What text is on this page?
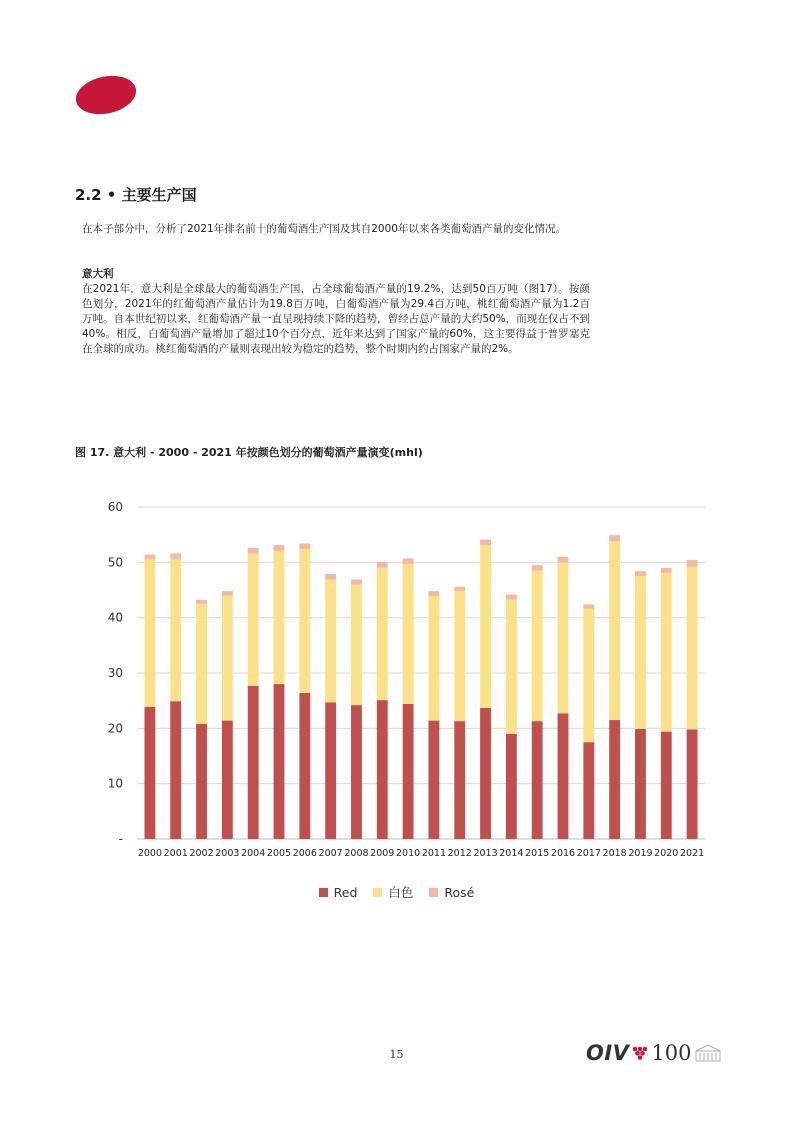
2.2 • 主要生产国
在本子部分中，分析了2021年排名前十的葡萄酒生产国及其自2000年以来各类葡萄酒产量的变化情况。
意大利
在2021年，意大利是全球最大的葡萄酒生产国，占全球葡萄酒产量的19.2%，达到50百万吨（图17）。按颜色划分，2021年的红葡萄酒产量估计为19.8百万吨，白葡萄酒产量为29.4百万吨，桃红葡萄酒产量为1.2百万吨。自本世纪初以来，红葡萄酒产量一直呈现持续下降的趋势，曾经占总产量的大约50%，而现在仅占不到40%。相反，白葡萄酒产量增加了超过10个百分点，近年来达到了国家产量的60%，这主要得益于普罗塞克在全球的成功。桃红葡萄酒的产量则表现出较为稳定的趋势，整个时期内约占国家产量的2%。
图 17. 意大利 - 2000 - 2021 年按颜色划分的葡萄酒产量演变(mhl)
-
10
20
30
40
50
60
2000 2001 2002 2003 2004 2005 2006 2007 2008 2009 2010 2011 2012 2013 2014 2015 2016 2017 2018 2019 2020 2021
Red 白色 Rosé
15	OIV 100
